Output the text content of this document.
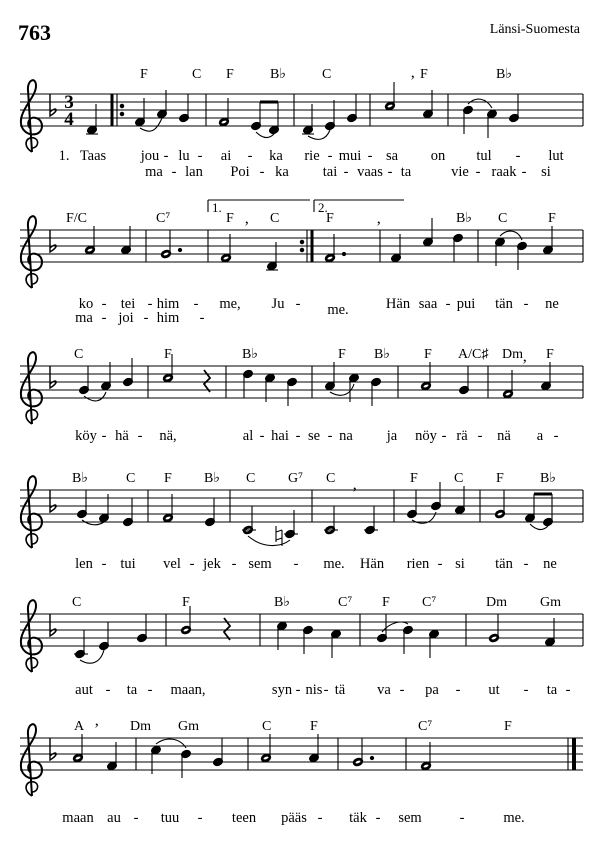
763	Länsi-Suomesta
3
4
’
’	’
’
’
’
1.	2.
F	C F	B♭	C	F	B♭
F/C	C⁷	F	C	F	B♭ C	F
C	F	B♭	F B♭ F A/C♯ Dm F
B♭	C F B♭ C G⁷ C	F	C F	B♭
C	F	B♭	C⁷ F C⁷	Dm Gm
A	Dm Gm	C	F	C⁷	F
1. Taas jou - lu - ai - ka rie - mui - sa on tul - lut
ma - lan Poi - ka tai - vaas - ta	vie - raak - si
ko - tei - him - me, Ju - me.	Hän saa - pui tän - ne
ma - joi - him -
köy - hä - nä,	al - hai - se - na ja nöy - rä - nä a -
len - tui vel - jek - sem - me. Hän rien - si tän - ne
aut - ta - maan,	syn - nis - tä va - pa - ut - ta -
maan au - tuu - teen pääs - täk - sem	-	me.
